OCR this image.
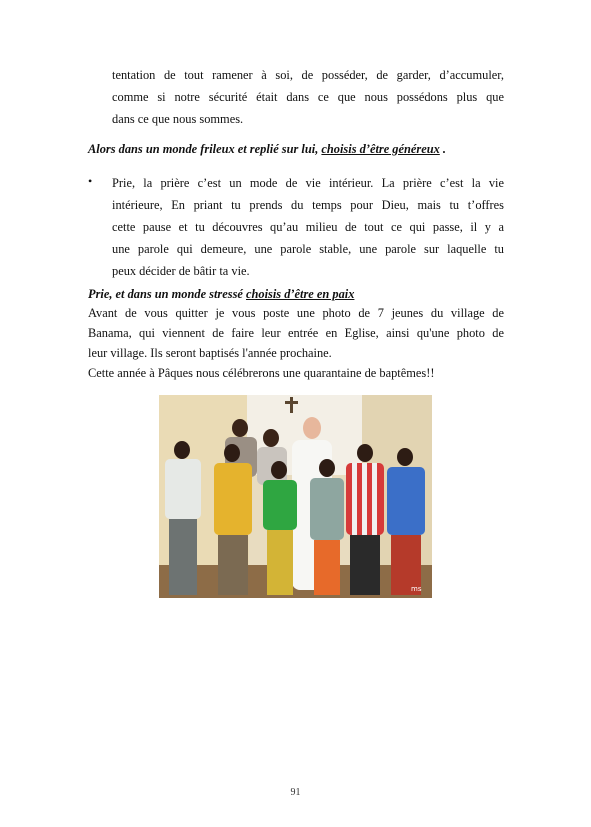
tentation de tout ramener à soi, de posséder, de garder, d’accumuler,
comme si notre sécurité était dans ce que nous possédons plus que
dans ce que nous sommes.
Alors dans un monde frileux et replié sur lui, choisis d’être généreux .
• Prie, la prière c’est un mode de vie intérieur. La prière c’est la vie
intérieure, En priant tu prends du temps pour Dieu, mais tu t’offres
cette pause et tu découvres qu’au milieu de tout ce qui passe, il y a
une parole qui demeure, une parole stable, une parole sur laquelle tu
peux décider de bâtir ta vie.
Prie, et dans un monde stressé choisis d’être en paix
Avant de vous quitter je vous poste une photo de 7 jeunes du village de
Banama, qui viennent de faire leur entrée en Eglise, ainsi qu'une photo de
leur village. Ils seront baptisés l'année prochaine.
Cette année à Pâques nous célébrerons une quarantaine de baptêmes!!
ms
91
